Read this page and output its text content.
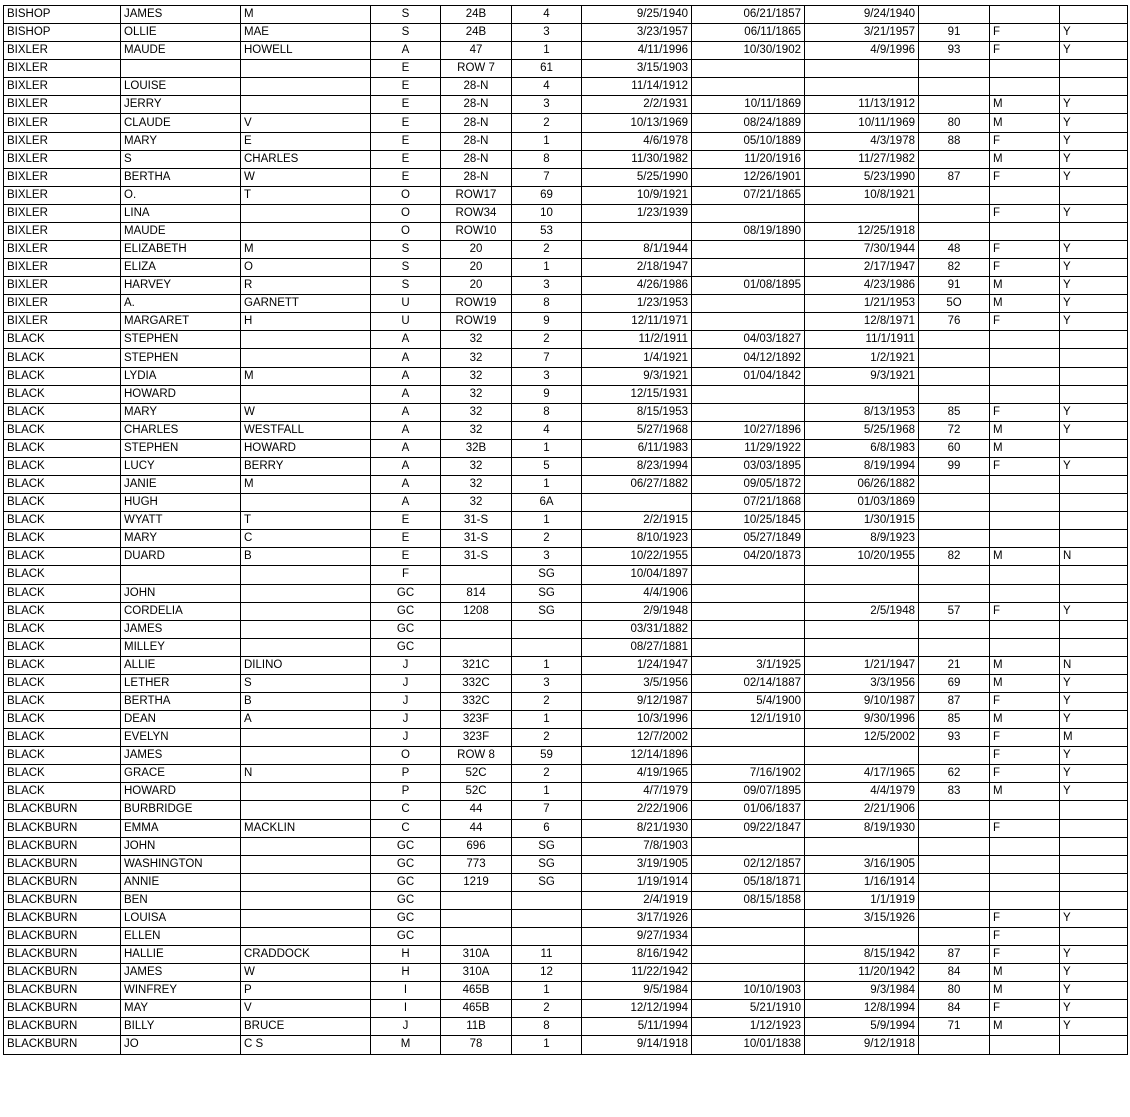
BISHOP	JAMES	M	S	24B	4	9/25/1940	06/21/1857	9/24/1940			
BISHOP	OLLIE	MAE	S	24B	3	3/23/1957	06/11/1865	3/21/1957	91	F	Y
BIXLER	MAUDE	HOWELL	A	47	1	4/11/1996	10/30/1902	4/9/1996	93	F	Y
BIXLER			E	ROW 7	61	3/15/1903					
BIXLER	LOUISE		E	28-N	4	11/14/1912					
BIXLER	JERRY		E	28-N	3	2/2/1931	10/11/1869	11/13/1912		M	Y
BIXLER	CLAUDE	V	E	28-N	2	10/13/1969	08/24/1889	10/11/1969	80	M	Y
BIXLER	MARY	E	E	28-N	1	4/6/1978	05/10/1889	4/3/1978	88	F	Y
BIXLER	S	CHARLES	E	28-N	8	11/30/1982	11/20/1916	11/27/1982		M	Y
BIXLER	BERTHA	W	E	28-N	7	5/25/1990	12/26/1901	5/23/1990	87	F	Y
BIXLER	O.	T	O	ROW17	69	10/9/1921	07/21/1865	10/8/1921			
BIXLER	LINA		O	ROW34	10	1/23/1939				F	Y
BIXLER	MAUDE		O	ROW10	53		08/19/1890	12/25/1918			
BIXLER	ELIZABETH	M	S	20	2	8/1/1944		7/30/1944	48	F	Y
BIXLER	ELIZA	O	S	20	1	2/18/1947		2/17/1947	82	F	Y
BIXLER	HARVEY	R	S	20	3	4/26/1986	01/08/1895	4/23/1986	91	M	Y
BIXLER	A.	GARNETT	U	ROW19	8	1/23/1953		1/21/1953	5O	M	Y
BIXLER	MARGARET	H	U	ROW19	9	12/11/1971		12/8/1971	76	F	Y
BLACK	STEPHEN		A	32	2	11/2/1911	04/03/1827	11/1/1911			
BLACK	STEPHEN		A	32	7	1/4/1921	04/12/1892	1/2/1921			
BLACK	LYDIA	M	A	32	3	9/3/1921	01/04/1842	9/3/1921			
BLACK	HOWARD		A	32	9	12/15/1931					
BLACK	MARY	W	A	32	8	8/15/1953		8/13/1953	85	F	Y
BLACK	CHARLES	WESTFALL	A	32	4	5/27/1968	10/27/1896	5/25/1968	72	M	Y
BLACK	STEPHEN	HOWARD	A	32B	1	6/11/1983	11/29/1922	6/8/1983	60	M	
BLACK	LUCY	BERRY	A	32	5	8/23/1994	03/03/1895	8/19/1994	99	F	Y
BLACK	JANIE	M	A	32	1	06/27/1882	09/05/1872	06/26/1882			
BLACK	HUGH		A	32	6A		07/21/1868	01/03/1869			
BLACK	WYATT	T	E	31-S	1	2/2/1915	10/25/1845	1/30/1915			
BLACK	MARY	C	E	31-S	2	8/10/1923	05/27/1849	8/9/1923			
BLACK	DUARD	B	E	31-S	3	10/22/1955	04/20/1873	10/20/1955	82	M	N
BLACK			F		SG	10/04/1897					
BLACK	JOHN		GC	814	SG	4/4/1906					
BLACK	CORDELIA		GC	1208	SG	2/9/1948		2/5/1948	57	F	Y
BLACK	JAMES		GC			03/31/1882					
BLACK	MILLEY		GC			08/27/1881					
BLACK	ALLIE	DILINO	J	321C	1	1/24/1947	3/1/1925	1/21/1947	21	M	N
BLACK	LETHER	S	J	332C	3	3/5/1956	02/14/1887	3/3/1956	69	M	Y
BLACK	BERTHA	B	J	332C	2	9/12/1987	5/4/1900	9/10/1987	87	F	Y
BLACK	DEAN	A	J	323F	1	10/3/1996	12/1/1910	9/30/1996	85	M	Y
BLACK	EVELYN		J	323F	2	12/7/2002		12/5/2002	93	F	M
BLACK	JAMES		O	ROW 8	59	12/14/1896				F	Y
BLACK	GRACE	N	P	52C	2	4/19/1965	7/16/1902	4/17/1965	62	F	Y
BLACK	HOWARD		P	52C	1	4/7/1979	09/07/1895	4/4/1979	83	M	Y
BLACKBURN	BURBRIDGE		C	44	7	2/22/1906	01/06/1837	2/21/1906			
BLACKBURN	EMMA	MACKLIN	C	44	6	8/21/1930	09/22/1847	8/19/1930		F	
BLACKBURN	JOHN		GC	696	SG	7/8/1903					
BLACKBURN	WASHINGTON		GC	773	SG	3/19/1905	02/12/1857	3/16/1905			
BLACKBURN	ANNIE		GC	1219	SG	1/19/1914	05/18/1871	1/16/1914			
BLACKBURN	BEN		GC			2/4/1919	08/15/1858	1/1/1919			
BLACKBURN	LOUISA		GC			3/17/1926		3/15/1926		F	Y
BLACKBURN	ELLEN		GC			9/27/1934				F	
BLACKBURN	HALLIE	CRADDOCK	H	310A	11	8/16/1942		8/15/1942	87	F	Y
BLACKBURN	JAMES	W	H	310A	12	11/22/1942		11/20/1942	84	M	Y
BLACKBURN	WINFREY	P	I	465B	1	9/5/1984	10/10/1903	9/3/1984	80	M	Y
BLACKBURN	MAY	V	I	465B	2	12/12/1994	5/21/1910	12/8/1994	84	F	Y
BLACKBURN	BILLY	BRUCE	J	11B	8	5/11/1994	1/12/1923	5/9/1994	71	M	Y
BLACKBURN	JO	C S	M	78	1	9/14/1918	10/01/1838	9/12/1918			
